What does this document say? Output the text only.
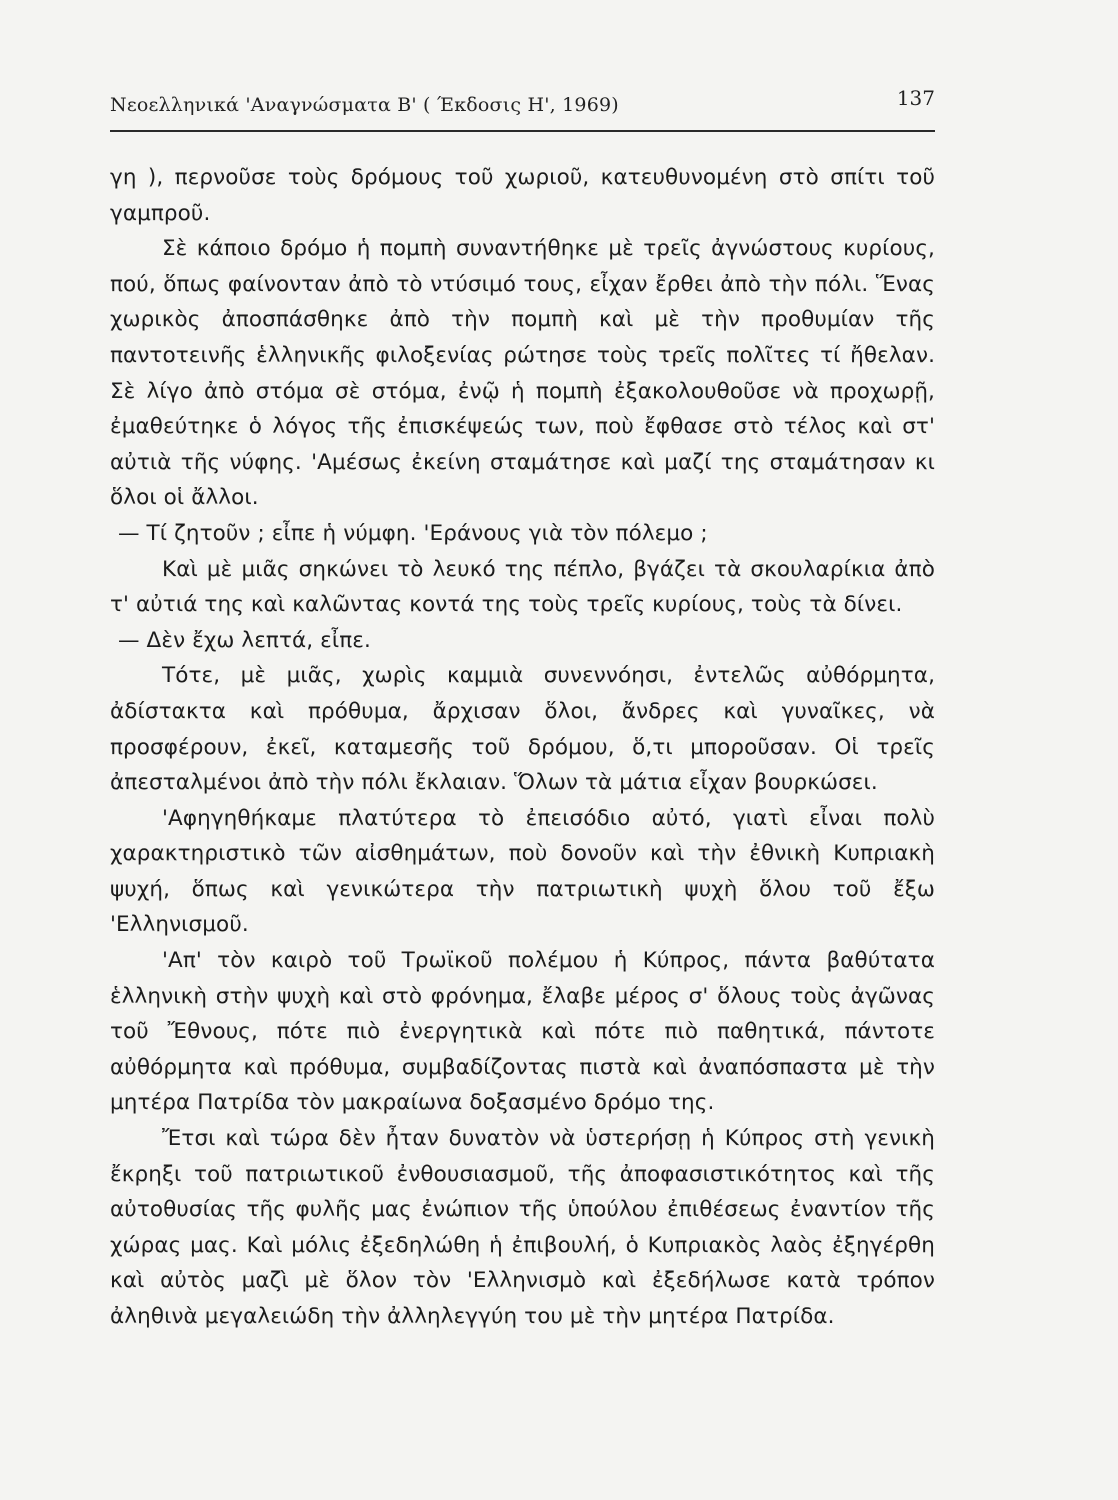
Νεοελληνικά 'Αναγνώσματα Β' ( Έκδοσις Η', 1969)	137

γη ), περνοῦσε τοὺς δρόμους τοῦ χωριοῦ, κατευθυνομένη στὸ σπίτι τοῦ γαμπροῦ.

Σὲ κάποιο δρόμο ἡ πομπὴ συναντήθηκε μὲ τρεῖς ἀγνώστους κυρίους, πού, ὅπως φαίνονταν ἀπὸ τὸ ντύσιμό τους, εἶχαν ἔρθει ἀπὸ τὴν πόλι. Ἕνας χωρικὸς ἀποσπάσθηκε ἀπὸ τὴν πομπὴ καὶ μὲ τὴν προθυμίαν τῆς παντοτεινῆς ἑλληνικῆς φιλοξενίας ρώτησε τοὺς τρεῖς πολῖτες τί ἤθελαν. Σὲ λίγο ἀπὸ στόμα σὲ στόμα, ἐνῷ ἡ πομπὴ ἐξακολουθοῦσε νὰ προχωρῇ, ἐμαθεύτηκε ὁ λόγος τῆς ἐπισκέψεώς των, ποὺ ἔφθασε στὸ τέλος καὶ στ' αὐτιὰ τῆς νύφης. 'Αμέσως ἐκείνη σταμάτησε καὶ μαζί της σταμάτησαν κι ὅλοι οἱ ἄλλοι.

— Τί ζητοῦν ; εἶπε ἡ νύμφη. 'Εράνους γιὰ τὸν πόλεμο ;

Καὶ μὲ μιᾶς σηκώνει τὸ λευκό της πέπλο, βγάζει τὰ σκουλαρίκια ἀπὸ τ' αὐτιά της καὶ καλῶντας κοντά της τοὺς τρεῖς κυρίους, τοὺς τὰ δίνει.

— Δὲν ἔχω λεπτά, εἶπε.

Τότε, μὲ μιᾶς, χωρὶς καμμιὰ συνεννόησι, ἐντελῶς αὐθόρμητα, ἀδίστακτα καὶ πρόθυμα, ἄρχισαν ὅλοι, ἄνδρες καὶ γυναῖκες, νὰ προσφέρουν, ἐκεῖ, καταμεσῆς τοῦ δρόμου, ὅ,τι μποροῦσαν. Οἱ τρεῖς ἀπεσταλμένοι ἀπὸ τὴν πόλι ἔκλαιαν. Ὅλων τὰ μάτια εἶχαν βουρκώσει.

'Αφηγηθήκαμε πλατύτερα τὸ ἐπεισόδιο αὐτό, γιατὶ εἶναι πολὺ χαρακτηριστικὸ τῶν αἰσθημάτων, ποὺ δονοῦν καὶ τὴν ἐθνικὴ Κυπριακὴ ψυχή, ὅπως καὶ γενικώτερα τὴν πατριωτικὴ ψυχὴ ὅλου τοῦ ἔξω 'Ελληνισμοῦ.

'Απ' τὸν καιρὸ τοῦ Τρωϊκοῦ πολέμου ἡ Κύπρος, πάντα βαθύτατα ἑλληνικὴ στὴν ψυχὴ καὶ στὸ φρόνημα, ἔλαβε μέρος σ' ὅλους τοὺς ἀγῶνας τοῦ Ἔθνους, πότε πιὸ ἐνεργητικὰ καὶ πότε πιὸ παθητικά, πάντοτε αὐθόρμητα καὶ πρόθυμα, συμβαδίζοντας πιστὰ καὶ ἀναπόσπαστα μὲ τὴν μητέρα Πατρίδα τὸν μακραίωνα δοξασμένο δρόμο της.

Ἔτσι καὶ τώρα δὲν ἦταν δυνατὸν νὰ ὑστερήσῃ ἡ Κύπρος στὴ γενικὴ ἔκρηξι τοῦ πατριωτικοῦ ἐνθουσιασμοῦ, τῆς ἀποφασιστικότητος καὶ τῆς αὐτοθυσίας τῆς φυλῆς μας ἐνώπιον τῆς ὑπούλου ἐπιθέσεως ἐναντίον τῆς χώρας μας. Καὶ μόλις ἐξεδηλώθη ἡ ἐπιβουλή, ὁ Κυπριακὸς λαὸς ἐξηγέρθη καὶ αὐτὸς μαζὶ μὲ ὅλον τὸν 'Ελληνισμὸ καὶ ἐξεδήλωσε κατὰ τρόπον ἀληθινὰ μεγαλειώδη τὴν ἀλληλεγγύη του μὲ τὴν μητέρα Πατρίδα.
